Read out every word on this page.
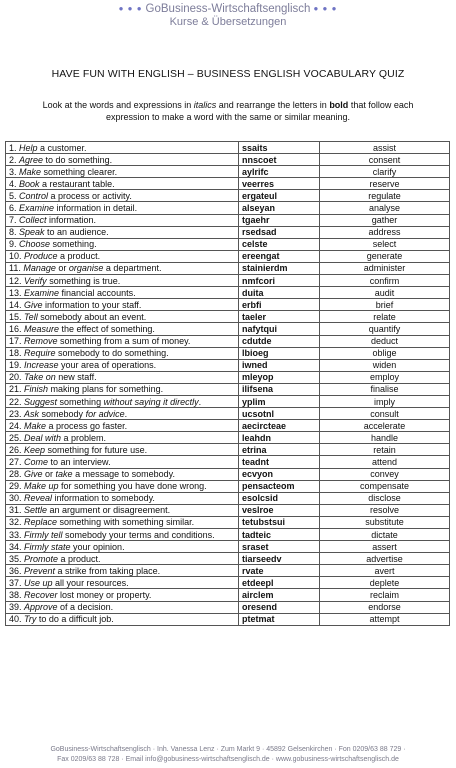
● ● ● GoBusiness-Wirtschaftsenglisch ● ● ●
Kurse & Übersetzungen
HAVE FUN WITH ENGLISH – BUSINESS ENGLISH VOCABULARY QUIZ
Look at the words and expressions in italics and rearrange the letters in bold that follow each expression to make a word with the same or similar meaning.
1. Help a customer.	ssaits	assist
2. Agree to do something.	nnscoet	consent
3. Make something clearer.	aylrifc	clarify
4. Book a restaurant table.	veerres	reserve
5. Control a process or activity.	ergateul	regulate
6. Examine information in detail.	alseyan	analyse
7. Collect information.	tgaehr	gather
8. Speak to an audience.	rsedsad	address
9. Choose something.	celste	select
10. Produce a product.	ereengat	generate
11. Manage or organise a department.	stainierdm	administer
12. Verify something is true.	nmfcori	confirm
13. Examine financial accounts.	duita	audit
14. Give information to your staff.	erbfi	brief
15. Tell somebody about an event.	taeler	relate
16. Measure the effect of something.	nafytqui	quantify
17. Remove something from a sum of money.	cdutde	deduct
18. Require somebody to do something.	lbioeg	oblige
19. Increase your area of operations.	iwned	widen
20. Take on new staff.	mleyop	employ
21. Finish making plans for something.	ilifsena	finalise
22. Suggest something without saying it directly.	yplim	imply
23. Ask somebody for advice.	ucsotnl	consult
24. Make a process go faster.	aecircteae	accelerate
25. Deal with a problem.	leahdn	handle
26. Keep something for future use.	etrina	retain
27. Come to an interview.	teadnt	attend
28. Give or take a message to somebody.	ecvyon	convey
29. Make up for something you have done wrong.	pensacteom	compensate
30. Reveal information to somebody.	esolcsid	disclose
31. Settle an argument or disagreement.	veslroe	resolve
32. Replace something with something similar.	tetubstsui	substitute
33. Firmly tell somebody your terms and conditions.	tadteic	dictate
34. Firmly state your opinion.	sraset	assert
35. Promote a product.	tiarseedv	advertise
36. Prevent a strike from taking place.	rvate	avert
37. Use up all your resources.	etdeepl	deplete
38. Recover lost money or property.	airclem	reclaim
39. Approve of a decision.	oresend	endorse
40. Try to do a difficult job.	ptetmat	attempt
GoBusiness-Wirtschaftsenglisch · Inh. Vanessa Lenz · Zum Markt 9 · 45892 Gelsenkirchen · Fon 0209/63 88 729 ·
Fax 0209/63 88 728 · Email info@gobusiness-wirtschaftsenglisch.de · www.gobusiness-wirtschaftsenglisch.de
